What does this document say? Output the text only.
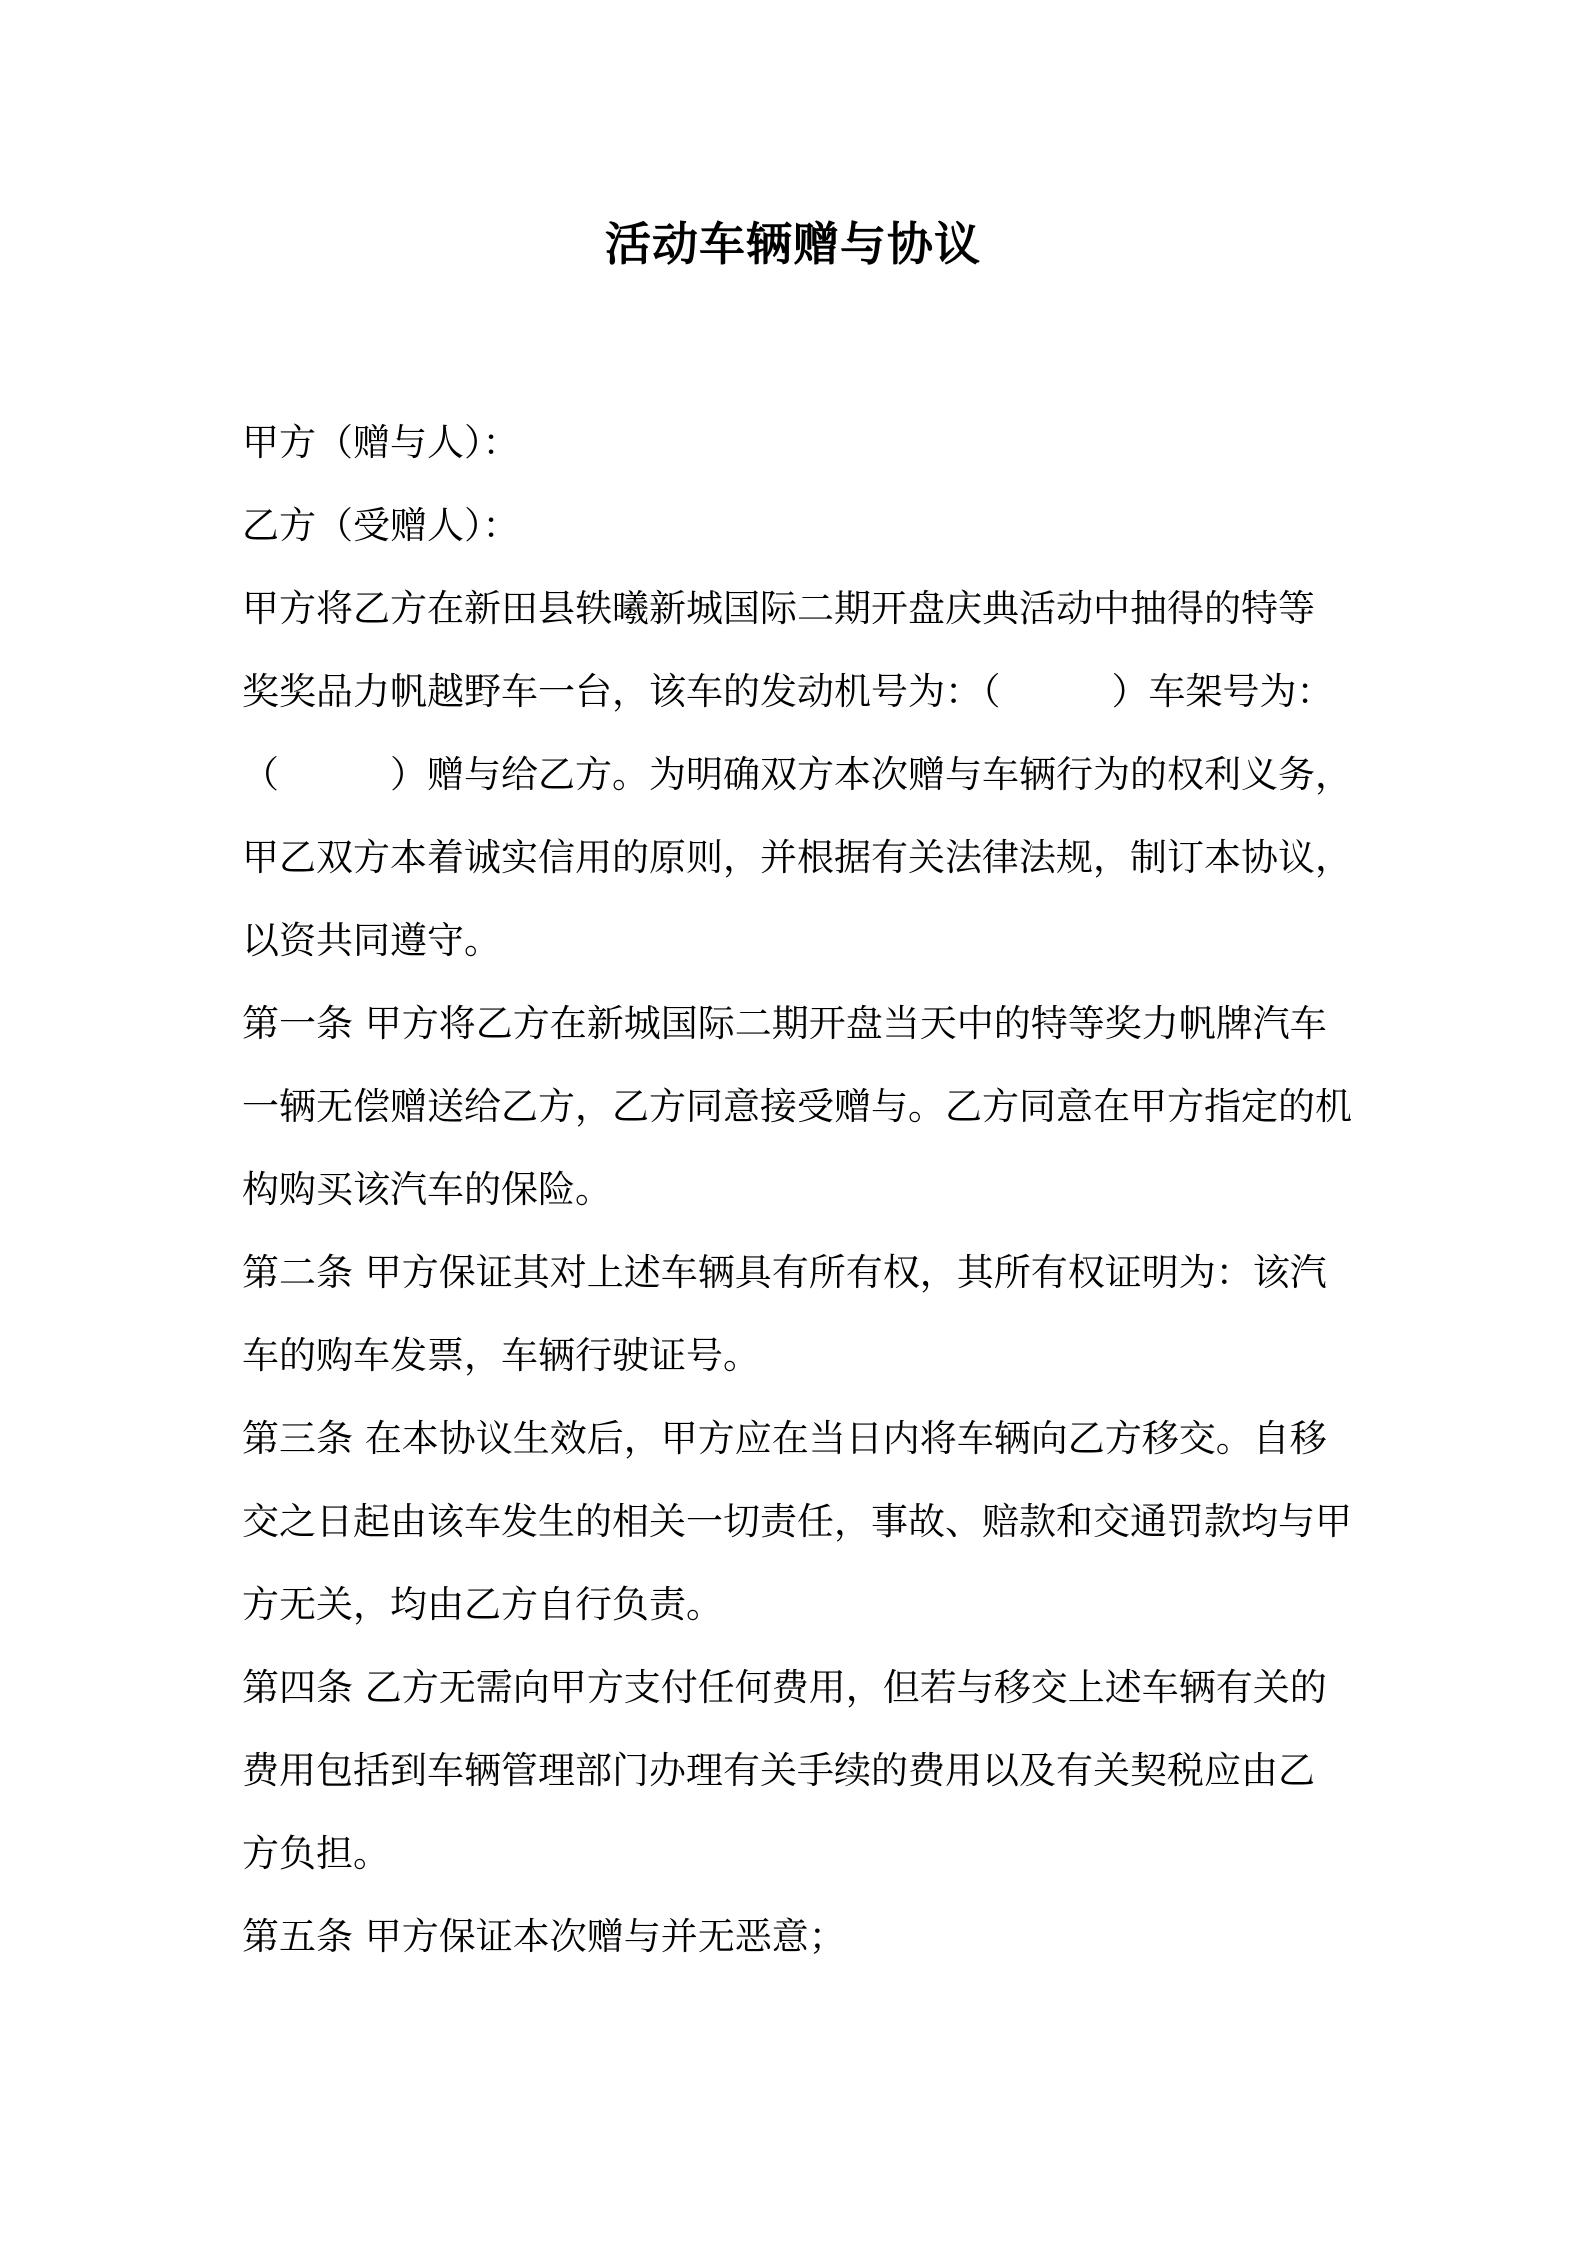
活动车辆赠与协议
甲方（赠与人）：
乙方（受赠人）：
甲方将乙方在新田县轶曦新城国际二期开盘庆典活动中抽得的特等
奖奖品力帆越野车一台，该车的发动机号为：（　　　）车架号为：
（　　　）赠与给乙方。为明确双方本次赠与车辆行为的权利义务，
甲乙双方本着诚实信用的原则，并根据有关法律法规，制订本协议，
以资共同遵守。
第一条 甲方将乙方在新城国际二期开盘当天中的特等奖力帆牌汽车
一辆无偿赠送给乙方，乙方同意接受赠与。乙方同意在甲方指定的机
构购买该汽车的保险。
第二条 甲方保证其对上述车辆具有所有权，其所有权证明为：该汽
车的购车发票，车辆行驶证号。
第三条 在本协议生效后，甲方应在当日内将车辆向乙方移交。自移
交之日起由该车发生的相关一切责任，事故、赔款和交通罚款均与甲
方无关，均由乙方自行负责。
第四条 乙方无需向甲方支付任何费用，但若与移交上述车辆有关的
费用包括到车辆管理部门办理有关手续的费用以及有关契税应由乙
方负担。
第五条 甲方保证本次赠与并无恶意；
